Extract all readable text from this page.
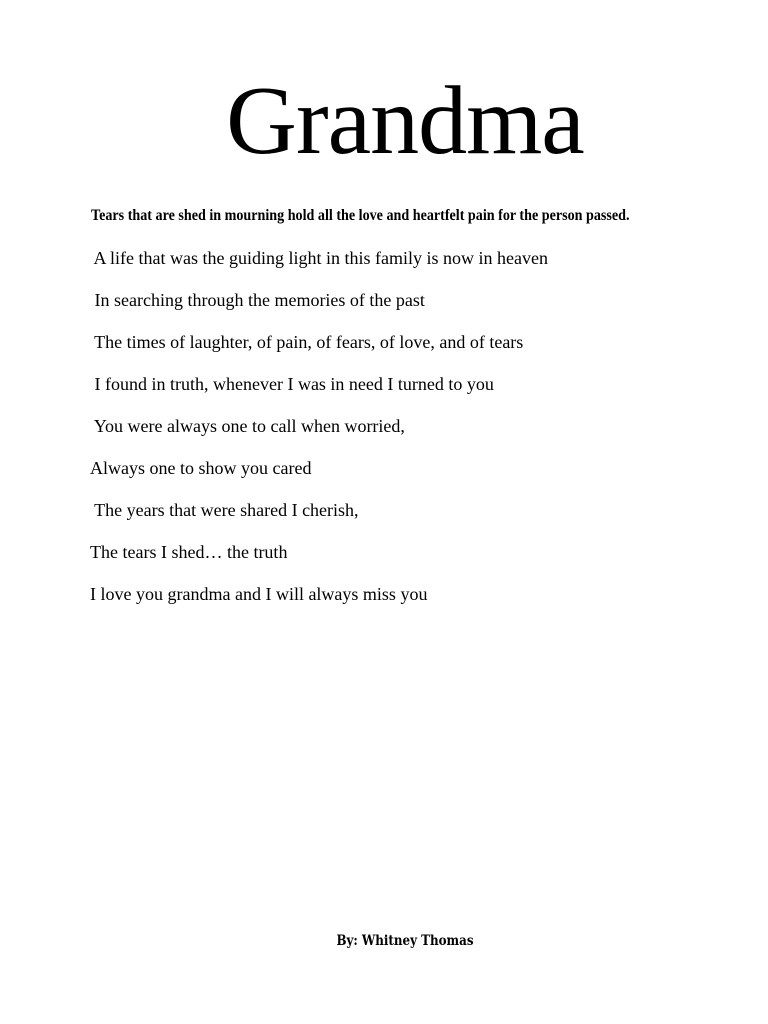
Grandma

Tears that are shed in mourning hold all the love and heartfelt pain for the person passed.

A life that was the guiding light in this family is now in heaven
In searching through the memories of the past
The times of laughter, of pain, of fears, of love, and of tears
I found in truth, whenever I was in need I turned to you
You were always one to call when worried,
Always one to show you cared
The years that were shared I cherish,
The tears I shed… the truth
I love you grandma and I will always miss you

By: Whitney Thomas
